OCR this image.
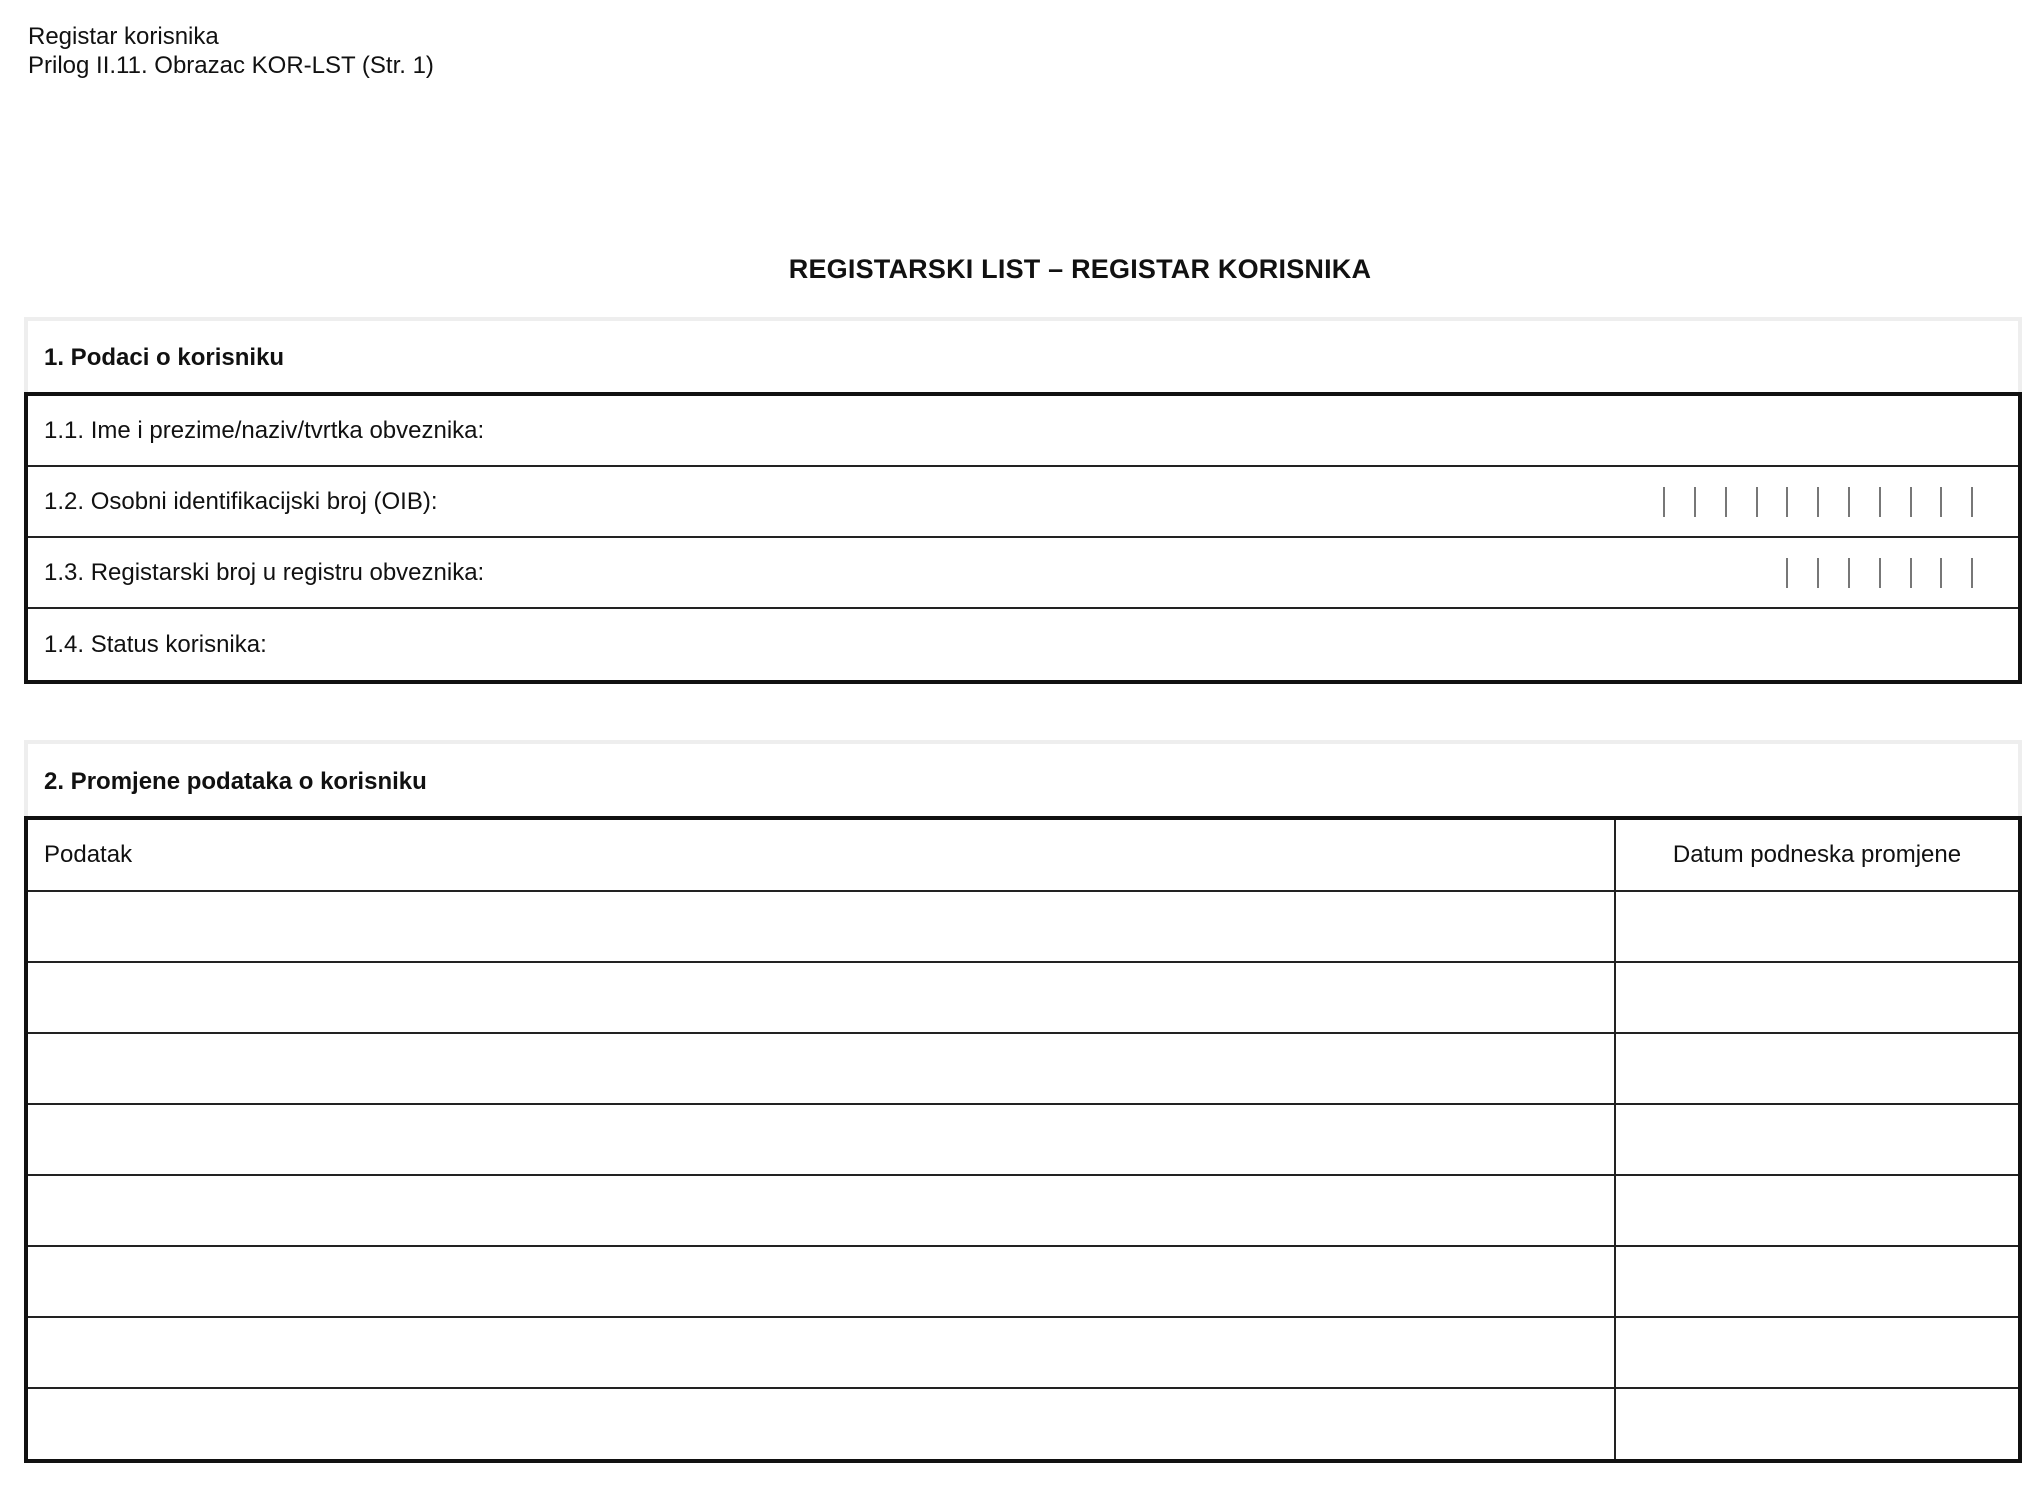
Registar korisnika
Prilog II.11. Obrazac KOR-LST (Str. 1)
REGISTARSKI LIST – REGISTAR KORISNIKA
1. Podaci o korisniku
1.1. Ime i prezime/naziv/tvrtka obveznika:
1.2. Osobni identifikacijski broj (OIB):
1.3. Registarski broj u registru obveznika:
1.4. Status korisnika:
2. Promjene podataka o korisniku
Podatak	Datum podneska promjene
